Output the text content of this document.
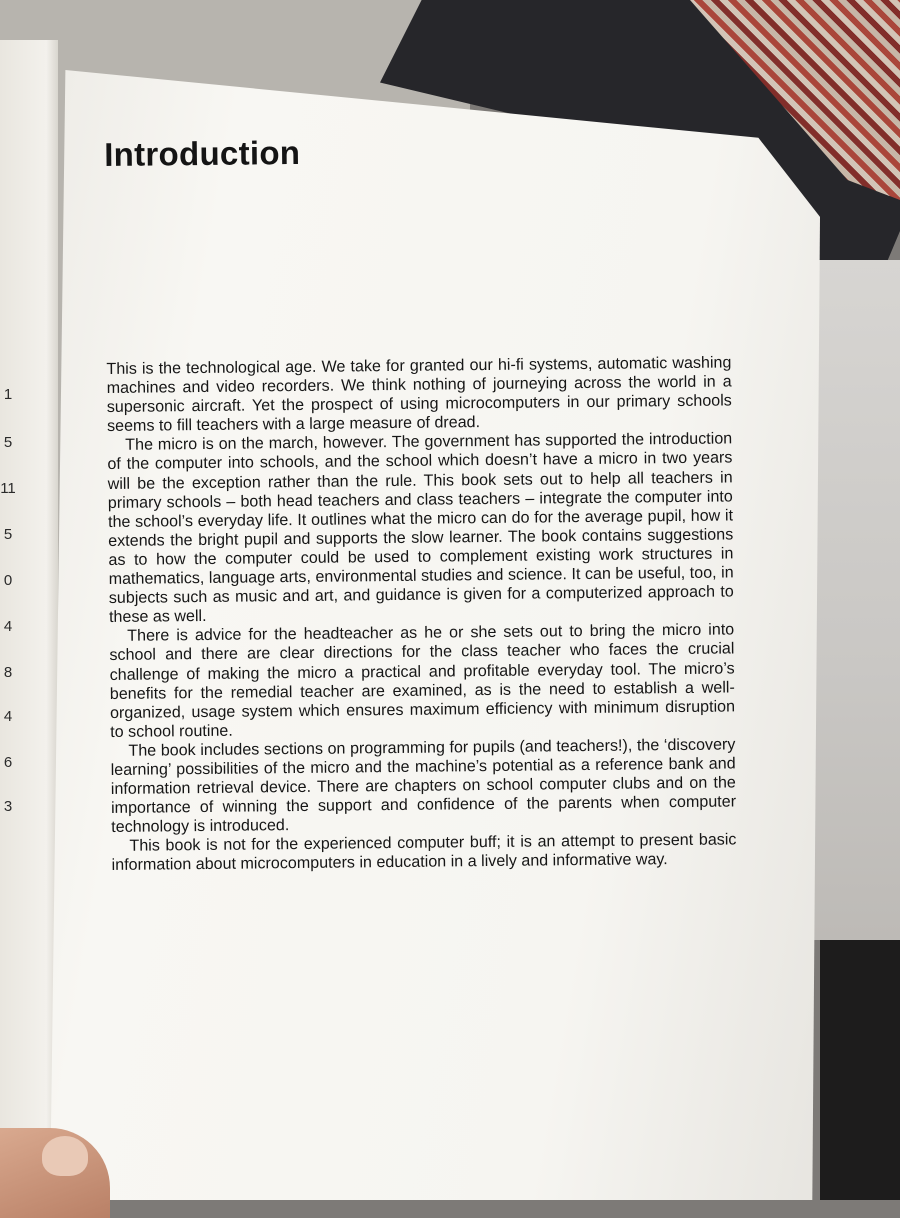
1
5
11
5
0
4
8
4
6
3
Introduction

This is the technological age. We take for granted our hi-fi systems, automatic washing machines and video recorders. We think nothing of journeying across the world in a supersonic aircraft. Yet the prospect of using microcomputers in our primary schools seems to fill teachers with a large measure of dread.

The micro is on the march, however. The government has supported the introduction of the computer into schools, and the school which doesn’t have a micro in two years will be the exception rather than the rule. This book sets out to help all teachers in primary schools – both head teachers and class teachers – integrate the computer into the school’s everyday life. It outlines what the micro can do for the average pupil, how it extends the bright pupil and supports the slow learner. The book contains suggestions as to how the computer could be used to complement existing work structures in mathematics, language arts, environmental studies and science. It can be useful, too, in subjects such as music and art, and guidance is given for a computerized approach to these as well.

There is advice for the headteacher as he or she sets out to bring the micro into school and there are clear directions for the class teacher who faces the crucial challenge of making the micro a practical and profitable everyday tool. The micro’s benefits for the remedial teacher are examined, as is the need to establish a well-organized, usage system which ensures maximum efficiency with minimum disruption to school routine.

The book includes sections on programming for pupils (and teachers!), the ‘discovery learning’ possibilities of the micro and the machine’s potential as a reference bank and information retrieval device. There are chapters on school computer clubs and on the importance of winning the support and confidence of the parents when computer technology is introduced.

This book is not for the experienced computer buff; it is an attempt to present basic information about microcomputers in education in a lively and informative way.
